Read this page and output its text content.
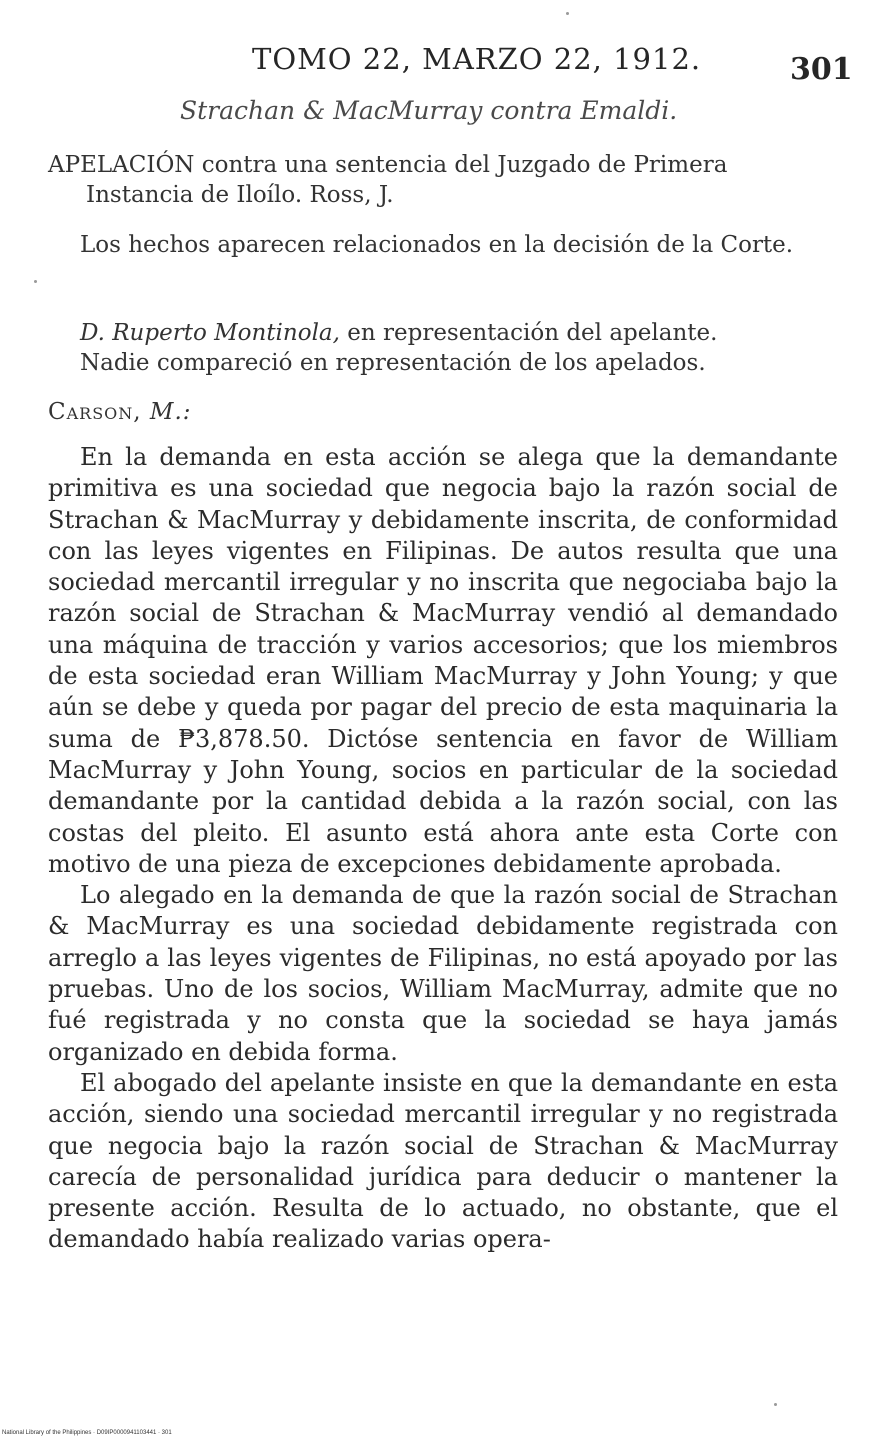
TOMO 22, MARZO 22, 1912.	301
Strachan & MacMurray contra Emaldi.
APELACIÓN contra una sentencia del Juzgado de Primera
Instancia de Iloílo. Ross, J.
Los hechos aparecen relacionados en la decisión de la Corte.
D. Ruperto Montinola, en representación del apelante.
Nadie compareció en representación de los apelados.
Carson, M.:

En la demanda en esta acción se alega que la demandante primitiva es una sociedad que negocia bajo la razón social de Strachan & MacMurray y debidamente inscrita, de conformidad con las leyes vigentes en Filipinas. De autos resulta que una sociedad mercantil irregular y no inscrita que negociaba bajo la razón social de Strachan & MacMurray vendió al demandado una máquina de tracción y varios accesorios; que los miembros de esta sociedad eran William MacMurray y John Young; y que aún se debe y queda por pagar del precio de esta maquinaria la suma de ₱3,878.50. Dictóse sentencia en favor de William MacMurray y John Young, socios en particular de la sociedad demandante por la cantidad debida a la razón social, con las costas del pleito. El asunto está ahora ante esta Corte con motivo de una pieza de excepciones debidamente aprobada.

Lo alegado en la demanda de que la razón social de Strachan & MacMurray es una sociedad debidamente registrada con arreglo a las leyes vigentes de Filipinas, no está apoyado por las pruebas. Uno de los socios, William MacMurray, admite que no fué registrada y no consta que la sociedad se haya jamás organizado en debida forma.

El abogado del apelante insiste en que la demandante en esta acción, siendo una sociedad mercantil irregular y no registrada que negocia bajo la razón social de Strachan & MacMurray carecía de personalidad jurídica para deducir o mantener la presente acción. Resulta de lo actuado, no obstante, que el demandado había realizado varias opera-

National Library of the Philippines · D09IP0000941103441 · 301
